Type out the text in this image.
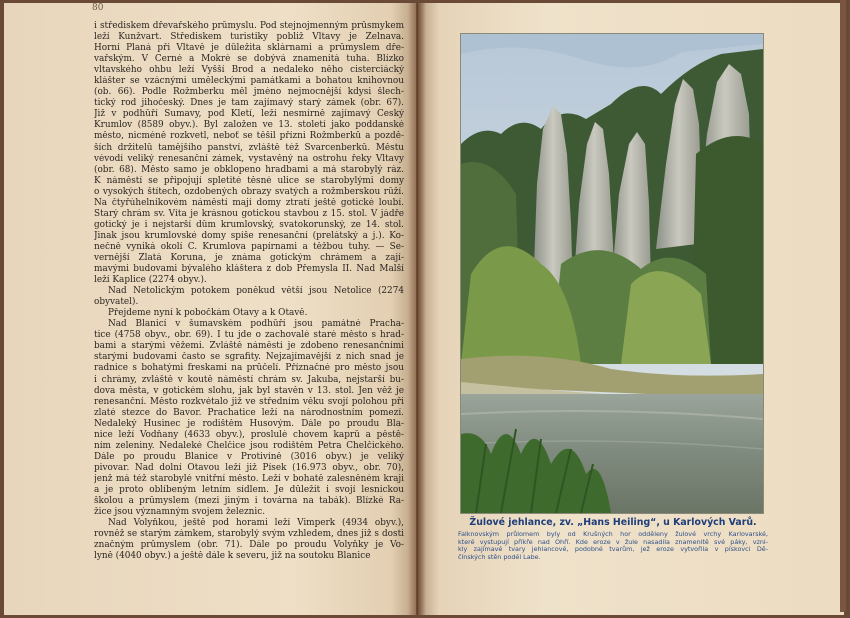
80
i střediskem dřevařského průmyslu. Pod stejnojmenným průsmykem
leží Kunžvart. Střediskem turistiky pobliž Vltavy je Želnava.
Horní Planá při Vltavě je důležita sklárnami a průmyslem dře-
vařským. V Černé a Mokré se dobývá znamenitá tuha. Blízko
vltavského ohbu leží Vyšší Brod a nedaleko něho cisterciácký
klášter se vzácnými uměleckými památkami a bohatou knihovnou
(ob. 66). Podle Rožmberku měl jméno nejmocnější kdysi šlech-
tický rod jihočeský. Dnes je tam zajímavý starý zámek (obr. 67).
Již v podhůří Šumavy, pod Kletí, leží nesmírně zajímavý Český
Krumlov (8589 obyv.). Byl založen ve 13. století jako poddanské
město, nicméně rozkvetl, neboť se těšil přízni Rožmberků a pozdě-
ších držitelů tamějšího panství, zvláště též Švarcenberků. Městu
vévodí veliký renesanční zámek, vystavěný na ostrohu řeky Vltavy
(obr. 68). Město samo je obklopeno hradbami a má starobylý ráz.
K náměstí se připojují spletité těsné ulice se starobylými domy
o vysokých štítech, ozdobených obrazy svatých a rožmberskou růží.
Na čtyřúhelníkovém náměstí mají domy ztratí ještě gotické loubí.
Starý chrám sv. Víta je krásnou gotickou stavbou z 15. stol. V jádře
gotický je i nejstarší dům krumlovský, svatokorunský, ze 14. stol.
Jinak jsou krumlovské domy spíše renesanční (prelátský a j.). Ko-
nečně vyniká okolí Č. Krumlova papírnami a těžbou tuhy. — Se-
vernější Zlatá Koruna, je známa gotickým chrámem a zají-
mavými budovami bývalého kláštera z dob Přemysla II. Nad Malší
leží Kaplice (2274 obyv.).
Nad Netolickým potokem poněkud větší jsou Netolice (2274
obyvatel).
Přejdeme nyní k pobočkám Otavy a k Otavě.
Nad Blanicí v šumavském podhůří jsou památné Pracha-
tice (4758 obyv., obr. 69). I tu jde o zachovalé staré město s hrad-
bami a starými věžemi. Zvláště náměstí je zdobeno renesančními
starými budovami často se sgrafity. Nejzajímavější z nich snad je
radnice s bohatými freskami na průčelí. Příznačné pro město jsou
i chrámy, zvláště v koutě náměstí chrám sv. Jakuba, nejstarší bu-
dova města, v gotickém slohu, jak byl stavěn v 13. stol. Jen věž je
renesanční. Město rozkvétalo již ve středním věku svojí polohou při
zlaté stezce do Bavor. Prachatice leží na národnostním pomezí.
Nedaleký Husinec je rodištěm Husovým. Dále po proudu Bla-
nice leží Vodňany (4633 obyv.), proslulé chovem kaprů a pěstě-
ním zeleniny. Nedaleké Chelčice jsou rodištěm Petra Chelčického.
Dále po proudu Blanice v Protivíně (3016 obyv.) je veliký
pivovar. Nad dolní Otavou leží již Písek (16.973 obyv., obr. 70),
jenž má též starobylé vnitřní město. Leží v bohatě zalesněném kraji
a je proto oblíbeným letním sídlem. Je důležit i svojí lesnickou
školou a průmyslem (mezi jiným i továrna na tabák). Blízké Ra-
žice jsou významným svojem železnic.
Nad Volyňkou, ještě pod horami leží Vimperk (4934 obyv.),
rovněž se starým zámkem, starobylý svým vzhledem, dnes již s dosti
značným průmyslem (obr. 71). Dále po proudu Volyňky je Vo-
lyně (4040 obyv.) a ještě dále k severu, již na soutoku Blanice
Žulové jehlance, zv. „Hans Heiling“, u Karlových Varů.
Falknovským průlomem byly od Krušných hor odděleny žulové vrchy Karlovarské,
které vystupují příkře nad Ohří. Kde eroze v žule nasadila znamenitě své páky, vzni-
kly zajímavé tvary jehlancové, podobné tvarům, jež eroze vytvořila v pískovci Dě-
čínských stěn podél Labe.
